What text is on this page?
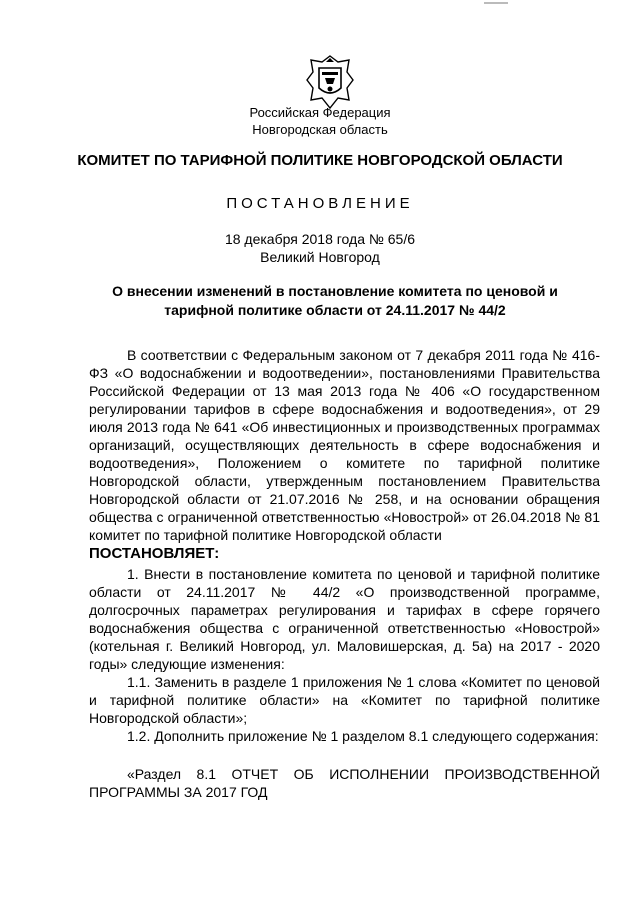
Российская Федерация
Новгородская область
КОМИТЕТ ПО ТАРИФНОЙ ПОЛИТИКЕ НОВГОРОДСКОЙ ОБЛАСТИ
ПОСТАНОВЛЕНИЕ
18 декабря 2018 года № 65/6
Великий Новгород
О внесении изменений в постановление комитета по ценовой и тарифной политике области от 24.11.2017 № 44/2

В соответствии с Федеральным законом от 7 декабря 2011 года № 416-ФЗ «О водоснабжении и водоотведении», постановлениями Правительства Российской Федерации от 13 мая 2013 года № 406 «О государственном регулировании тарифов в сфере водоснабжения и водоотведения», от 29 июля 2013 года № 641 «Об инвестиционных и производственных программах организаций, осуществляющих деятельность в сфере водоснабжения и водоотведения», Положением о комитете по тарифной политике Новгородской области, утвержденным постановлением Правительства Новгородской области от 21.07.2016 № 258, и на основании обращения общества с ограниченной ответственностью «Новострой» от 26.04.2018 № 81 комитет по тарифной политике Новгородской области

ПОСТАНОВЛЯЕТ:

1. Внести в постановление комитета по ценовой и тарифной политике области от 24.11.2017 № 44/2 «О производственной программе, долгосрочных параметрах регулирования и тарифах в сфере горячего водоснабжения общества с ограниченной ответственностью «Новострой» (котельная г. Великий Новгород, ул. Маловишерская, д. 5а) на 2017 - 2020 годы» следующие изменения:

1.1. Заменить в разделе 1 приложения № 1 слова «Комитет по ценовой и тарифной политике области» на «Комитет по тарифной политике Новгородской области»;

1.2. Дополнить приложение № 1 разделом 8.1 следующего содержания:

«Раздел 8.1 ОТЧЕТ ОБ ИСПОЛНЕНИИ ПРОИЗВОДСТВЕННОЙ ПРОГРАММЫ ЗА 2017 ГОД
